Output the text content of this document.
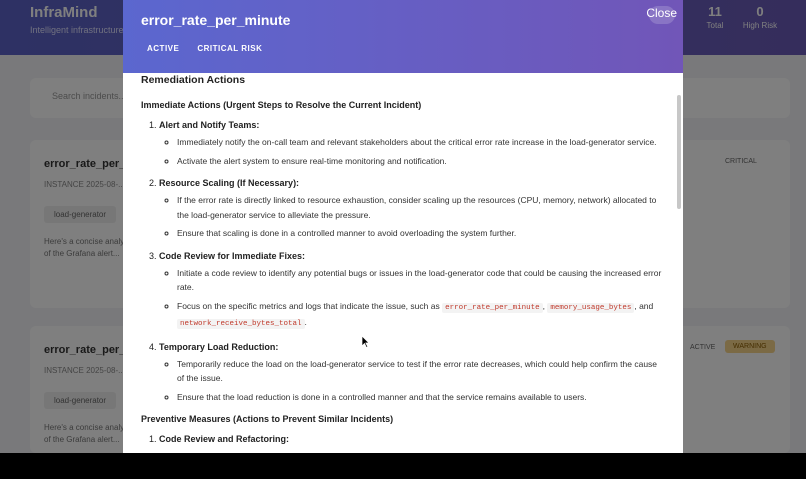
error_rate_per_minute
ACTIVE	CRITICAL RISK
Close
Remediation Actions
Immediate Actions (Urgent Steps to Resolve the Current Incident)
1. Alert and Notify Teams:
◦ Immediately notify the on-call team and relevant stakeholders about the critical error rate increase in the load-generator service.
◦ Activate the alert system to ensure real-time monitoring and notification.
2. Resource Scaling (If Necessary):
◦ If the error rate is directly linked to resource exhaustion, consider scaling up the resources (CPU, memory, network) allocated to the load-generator service to alleviate the pressure.
◦ Ensure that scaling is done in a controlled manner to avoid overloading the system further.
3. Code Review for Immediate Fixes:
◦ Initiate a code review to identify any potential bugs or issues in the load-generator code that could be causing the increased error rate.
◦ Focus on the specific metrics and logs that indicate the issue, such as error_rate_per_minute , memory_usage_bytes , and network_receive_bytes_total .
4. Temporary Load Reduction:
◦ Temporarily reduce the load on the load-generator service to test if the error rate decreases, which could help confirm the cause of the issue.
◦ Ensure that the load reduction is done in a controlled manner and that the service remains available to users.
Preventive Measures (Actions to Prevent Similar Incidents)
1. Code Review and Refactoring:
